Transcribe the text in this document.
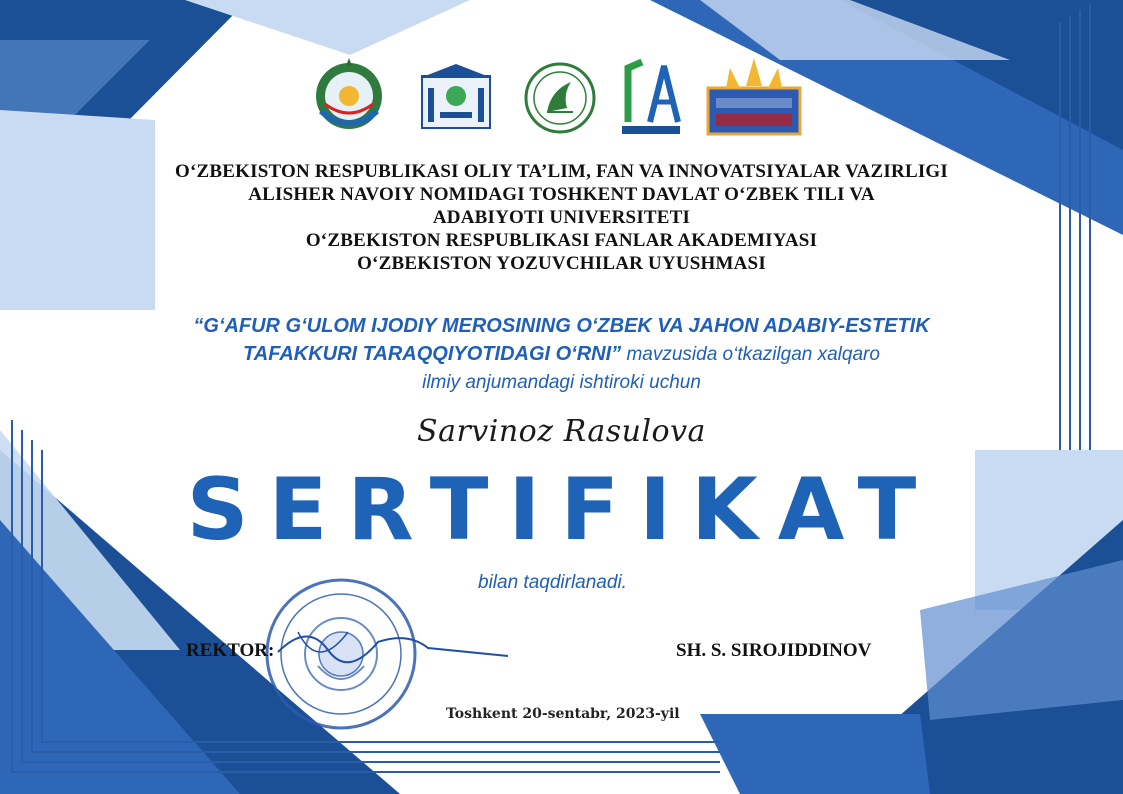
O‘ZBEKISTON RESPUBLIKASI OLIY TA’LIM, FAN VA INNOVATSIYALAR VAZIRLIGI
ALISHER NAVOIY NOMIDAGI TOSHKENT DAVLAT O‘ZBEK TILI VA
ADABIYOTI UNIVERSITETI
O‘ZBEKISTON RESPUBLIKASI FANLAR AKADEMIYASI
O‘ZBEKISTON YOZUVCHILAR UYUSHMASI
“G‘AFUR G‘ULOM IJODIY MEROSINING O‘ZBEK VA JAHON ADABIY-ESTETIK
TAFAKKURI TARAQQIYOTIDAGI O‘RNI” mavzusida o‘tkazilgan xalqaro
ilmiy anjumandagi ishtiroki uchun
Sarvinoz Rasulova
SERTIFIKAT
bilan taqdirlanadi.
REKTOR:	SH. S. SIROJIDDINOV
Toshkent 20-sentabr, 2023-yil
